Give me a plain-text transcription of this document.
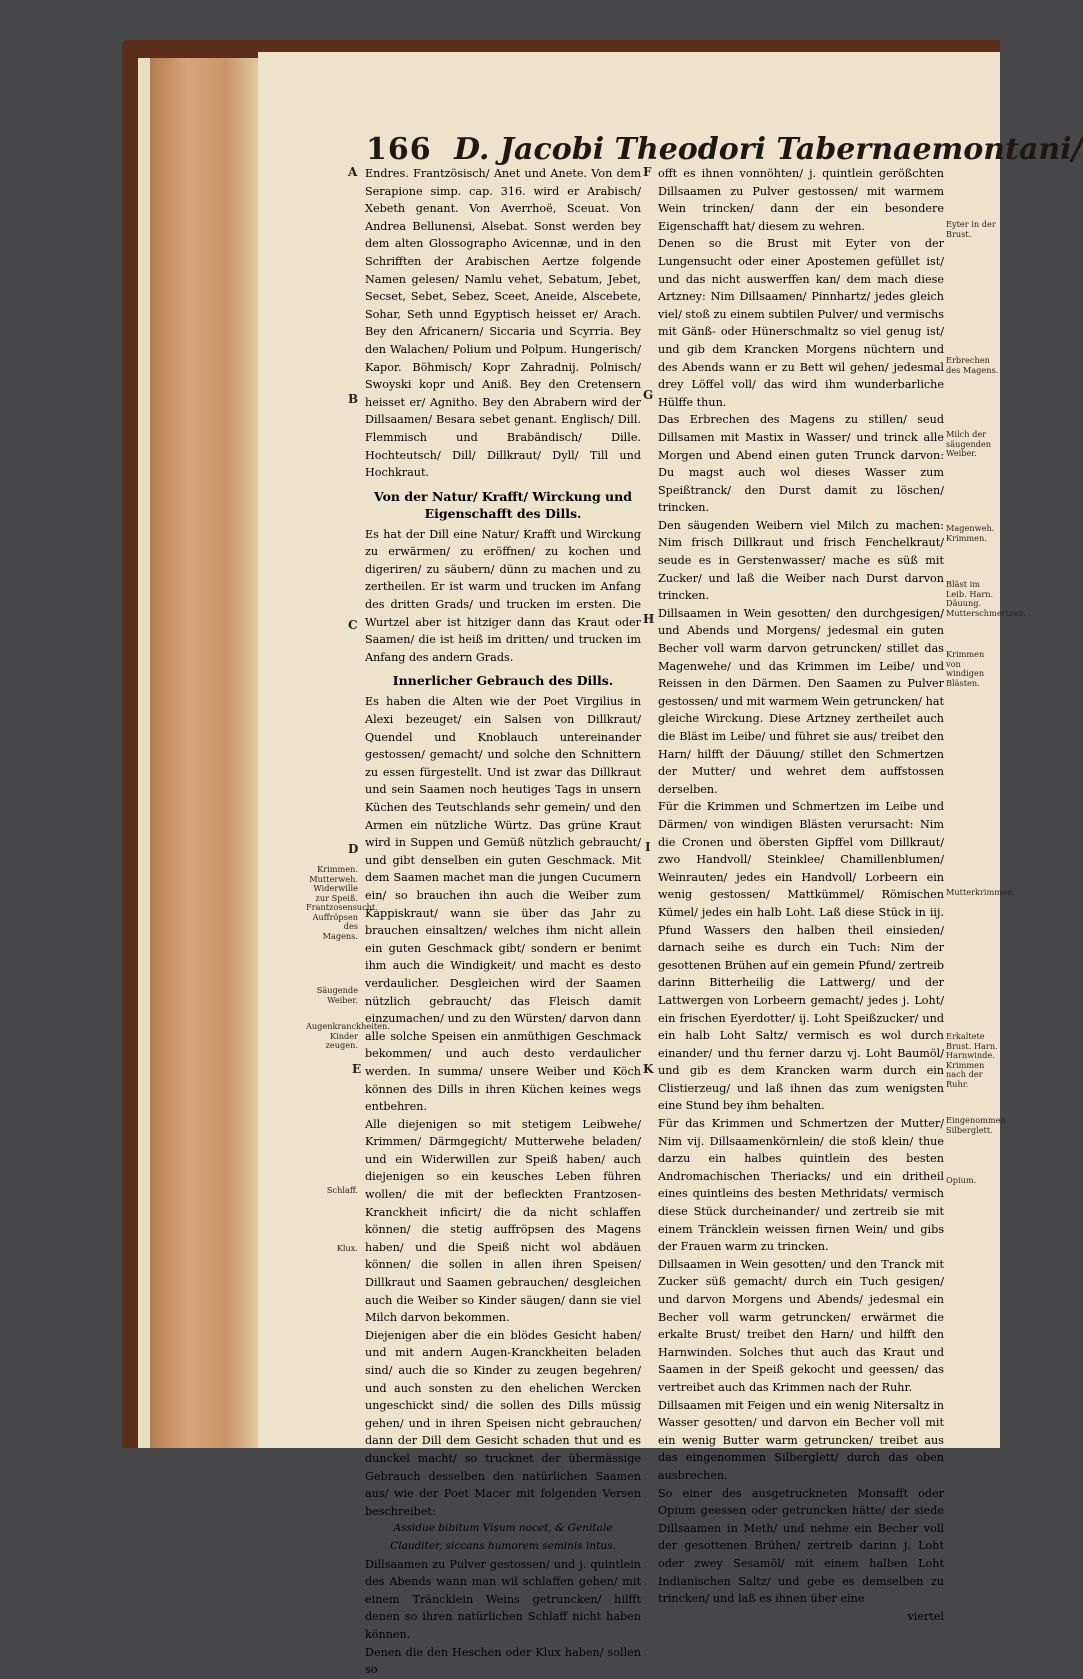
166 D. Jacobi Theodori Tabernaemontani/
A
B
C
D
E
F
G
H
I
K

Endres. Frantzösisch/ Anet und Anete. Von dem Serapione simp. cap. 316. wird er Arabisch/ Xebeth genant. Von Averrhoë, Sceuat. Von Andrea Bellunensi, Alsebat. Sonst werden bey dem alten Glossographo Avicennæ, und in den Schrifften der Arabischen Aertze folgende Namen gelesen/ Namlu vehet, Sebatum, Jebet, Secset, Sebet, Sebez, Sceet, Aneide, Alscebete, Sohar, Seth unnd Egyptisch heisset er/ Arach. Bey den Africanern/ Siccaria und Scyrria. Bey den Walachen/ Polium und Polpum. Hungerisch/ Kapor. Böhmisch/ Kopr Zahradnij. Polnisch/ Swoyski kopr und Aniß. Bey den Cretensern heisset er/ Agnitho. Bey den Abrabern wird der Dillsaamen/ Besara sebet genant. Englisch/ Dill. Flemmisch und Brabändisch/ Dille. Hochteutsch/ Dill/ Dillkraut/ Dyll/ Till und Hochkraut.

Von der Natur/ Krafft/ Wirckung und Eigenschafft des Dills.

Es hat der Dill eine Natur/ Krafft und Wirckung zu erwärmen/ zu eröffnen/ zu kochen und digeriren/ zu säubern/ dünn zu machen und zu zertheilen. Er ist warm und trucken im Anfang des dritten Grads/ und trucken im ersten. Die Wurtzel aber ist hitziger dann das Kraut oder Saamen/ die ist heiß im dritten/ und trucken im Anfang des andern Grads.

Innerlicher Gebrauch des Dills.

Es haben die Alten wie der Poet Virgilius in Alexi bezeuget/ ein Salsen von Dillkraut/ Quendel und Knoblauch untereinander gestossen/ gemacht/ und solche den Schnittern zu essen fürgestellt. Und ist zwar das Dillkraut und sein Saamen noch heutiges Tags in unsern Küchen des Teutschlands sehr gemein/ und den Armen ein nützliche Würtz. Das grüne Kraut wird in Suppen und Gemüß nützlich gebraucht/ und gibt denselben ein guten Geschmack. Mit dem Saamen machet man die jungen Cucumern ein/ so brauchen ihn auch die Weiber zum Kappiskraut/ wann sie über das Jahr zu brauchen einsaltzen/ welches ihm nicht allein ein guten Geschmack gibt/ sondern er benimt ihm auch die Windigkeit/ und macht es desto verdaulicher. Desgleichen wird der Saamen nützlich gebraucht/ das Fleisch damit einzumachen/ und zu den Würsten/ darvon dann alle solche Speisen ein anmüthigen Geschmack bekommen/ und auch desto verdaulicher werden. In summa/ unsere Weiber und Köch können des Dills in ihren Küchen keines wegs entbehren.

Alle diejenigen so mit stetigem Leibwehe/ Krimmen/ Därmgegicht/ Mutterwehe beladen/ und ein Widerwillen zur Speiß haben/ auch diejenigen so ein keusches Leben führen wollen/ die mit der befleckten Frantzosen-Kranckheit inficirt/ die da nicht schlaffen können/ die stetig auffröpsen des Magens haben/ und die Speiß nicht wol abdäuen können/ die sollen in allen ihren Speisen/ Dillkraut und Saamen gebrauchen/ desgleichen auch die Weiber so Kinder säugen/ dann sie viel Milch darvon bekommen.

Diejenigen aber die ein blödes Gesicht haben/ und mit andern Augen-Kranckheiten beladen sind/ auch die so Kinder zu zeugen begehren/ und auch sonsten zu den ehelichen Wercken ungeschickt sind/ die sollen des Dills müssig gehen/ und in ihren Speisen nicht gebrauchen/ dann der Dill dem Gesicht schaden thut und es dunckel macht/ so trucknet der übermässige Gebrauch desselben den natürlichen Saamen aus/ wie der Poet Macer mit folgenden Versen beschreibet:

Assidue bibitum Visum nocet, & Genitale

Clauditer, siccans humorem seminis intus.

Dillsaamen zu Pulver gestossen/ und j. quintlein des Abends wann man wil schlaffen gehen/ mit einem Träncklein Weins getruncken/ hilfft denen so ihren natürlichen Schlaff nicht haben können.

Denen die den Heschen oder Klux haben/ sollen so

offt es ihnen vonnöhten/ j. quintlein gerößchten Dillsaamen zu Pulver gestossen/ mit warmem Wein trincken/ dann der ein besondere Eigenschafft hat/ diesem zu wehren.

Denen so die Brust mit Eyter von der Lungensucht oder einer Apostemen gefüllet ist/ und das nicht auswerffen kan/ dem mach diese Artzney: Nim Dillsaamen/ Pinnhartz/ jedes gleich viel/ stoß zu einem subtilen Pulver/ und vermischs mit Gänß- oder Hünerschmaltz so viel genug ist/ und gib dem Krancken Morgens nüchtern und des Abends wann er zu Bett wil gehen/ jedesmal drey Löffel voll/ das wird ihm wunderbarliche Hülffe thun.

Das Erbrechen des Magens zu stillen/ seud Dillsamen mit Mastix in Wasser/ und trinck alle Morgen und Abend einen guten Trunck darvon: Du magst auch wol dieses Wasser zum Speißtranck/ den Durst damit zu löschen/ trincken.

Den säugenden Weibern viel Milch zu machen: Nim frisch Dillkraut und frisch Fenchelkraut/ seude es in Gerstenwasser/ mache es süß mit Zucker/ und laß die Weiber nach Durst darvon trincken.

Dillsaamen in Wein gesotten/ den durchgesigen/ und Abends und Morgens/ jedesmal ein guten Becher voll warm darvon getruncken/ stillet das Magenwehe/ und das Krimmen im Leibe/ und Reissen in den Därmen. Den Saamen zu Pulver gestossen/ und mit warmem Wein getruncken/ hat gleiche Wirckung. Diese Artzney zertheilet auch die Bläst im Leibe/ und führet sie aus/ treibet den Harn/ hilfft der Däuung/ stillet den Schmertzen der Mutter/ und wehret dem auffstossen derselben.

Für die Krimmen und Schmertzen im Leibe und Därmen/ von windigen Blästen verursacht: Nim die Cronen und öbersten Gipffel vom Dillkraut/ zwo Handvoll/ Steinklee/ Chamillenblumen/ Weinrauten/ jedes ein Handvoll/ Lorbeern ein wenig gestossen/ Mattkümmel/ Römischen Kümel/ jedes ein halb Loht. Laß diese Stück in iij. Pfund Wassers den halben theil einsieden/ darnach seihe es durch ein Tuch: Nim der gesottenen Brühen auf ein gemein Pfund/ zertreib darinn Bitterheilig die Lattwerg/ und der Lattwergen von Lorbeern gemacht/ jedes j. Loht/ ein frischen Eyerdotter/ ij. Loht Speißzucker/ und ein halb Loht Saltz/ vermisch es wol durch einander/ und thu ferner darzu vj. Loht Baumöl/ und gib es dem Krancken warm durch ein Clistierzeug/ und laß ihnen das zum wenigsten eine Stund bey ihm behalten.

Für das Krimmen und Schmertzen der Mutter/ Nim vij. Dillsaamenkörnlein/ die stoß klein/ thue darzu ein halbes quintlein des besten Andromachischen Theriacks/ und ein dritheil eines quintleins des besten Methridats/ vermisch diese Stück durcheinander/ und zertreib sie mit einem Träncklein weissen firnen Wein/ und gibs der Frauen warm zu trincken.

Dillsaamen in Wein gesotten/ und den Tranck mit Zucker süß gemacht/ durch ein Tuch gesigen/ und darvon Morgens und Abends/ jedesmal ein Becher voll warm getruncken/ erwärmet die erkalte Brust/ treibet den Harn/ und hilfft den Harnwinden. Solches thut auch das Kraut und Saamen in der Speiß gekocht und geessen/ das vertreibet auch das Krimmen nach der Ruhr.

Dillsaamen mit Feigen und ein wenig Nitersaltz in Wasser gesotten/ und darvon ein Becher voll mit ein wenig Butter warm getruncken/ treibet aus das eingenommen Silberglett/ durch das oben ausbrechen.

So einer des ausgetruckneten Monsafft oder Opium geessen oder getruncken hätte/ der siede Dillsaamen in Meth/ und nehme ein Becher voll der gesottenen Brühen/ zertreib darinn j. Loht oder zwey Sesamöl/ mit einem halben Loht Indianischen Saltz/ und gebe es demselben zu trincken/ und laß es ihnen über eine

viertel

Krimmen. Mutterweh. Widerwille zur Speiß. Frantzosensucht. Auffröpsen des Magens.
Säugende Weiber.
Augenkranckheiten. Kinder zeugen.
Schlaff.
Klux.
Eyter in der Brust.
Erbrechen des Magens.
Milch der säugenden Weiber.
Magenweh. Krimmen.
Bläst im Leib. Harn. Däuung. Mutterschmertzen.
Krimmen von windigen Blästen.
Mutterkrimmen.
Erkaltete Brust. Harn. Harnwinde. Krimmen nach der Ruhr.
Eingenommen Silberglett.
Opium.
